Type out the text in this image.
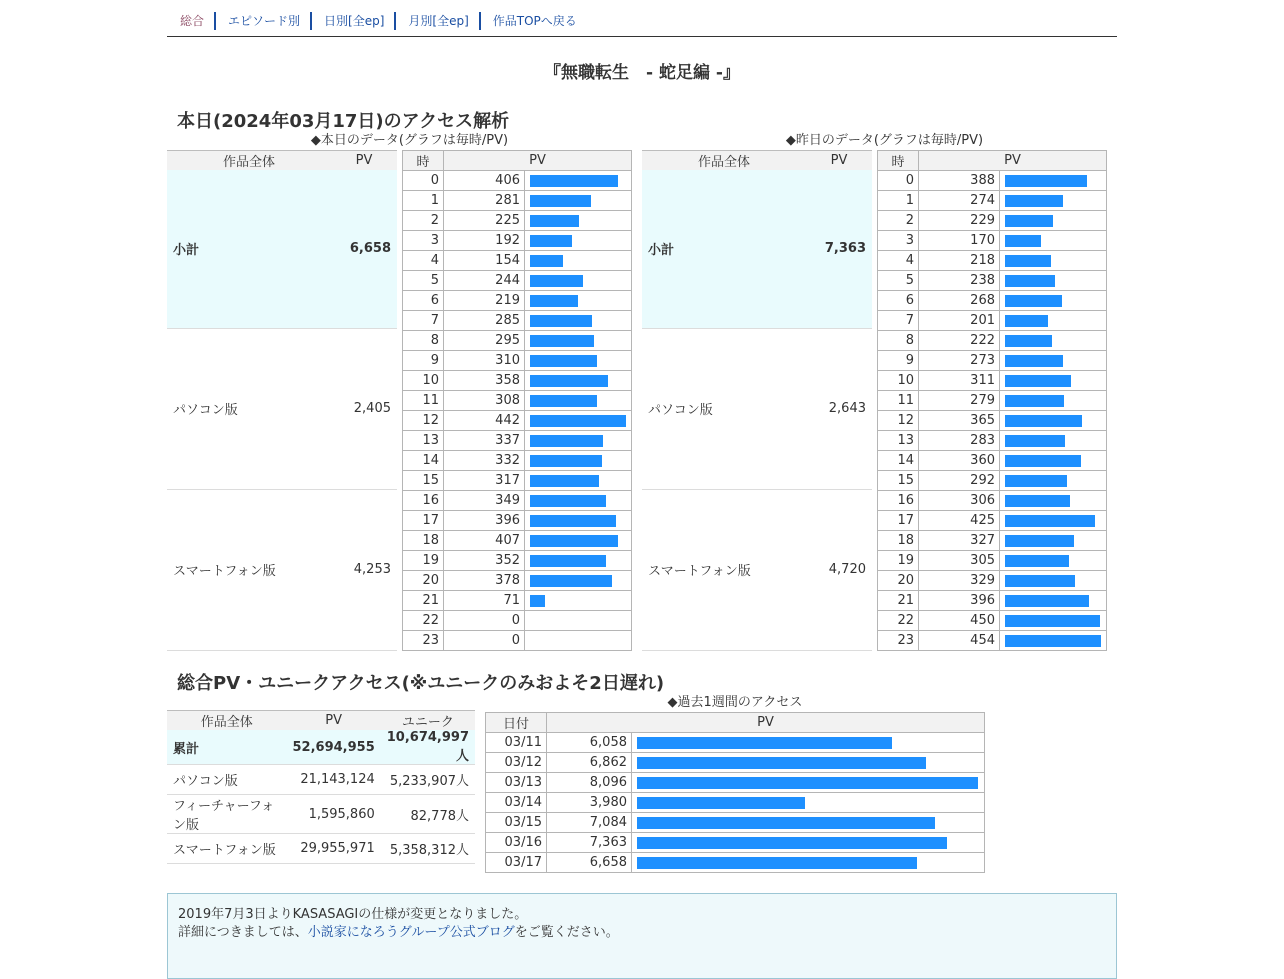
総合	エピソード別	日別[全ep]	月別[全ep]	作品TOPへ戻る
『無職転生　- 蛇足編 -』
本日(2024年03月17日)のアクセス解析
◆本日のデータ(グラフは毎時/PV)
作品全体	PV
小計	6,658
パソコン版	2,405
スマートフォン版	4,253
時	PV	
0	406	

1	281	

2	225	

3	192	

4	154	

5	244	

6	219	

7	285	

8	295	

9	310	

10	358	

11	308	

12	442	

13	337	

14	332	

15	317	

16	349	

17	396	

18	407	

19	352	

20	378	

21	71	

22	0	
23	0	
◆昨日のデータ(グラフは毎時/PV)
作品全体	PV
小計	7,363
パソコン版	2,643
スマートフォン版	4,720
時	PV	
0	388	

1	274	

2	229	

3	170	

4	218	

5	238	

6	268	

7	201	

8	222	

9	273	

10	311	

11	279	

12	365	

13	283	

14	360	

15	292	

16	306	

17	425	

18	327	

19	305	

20	329	

21	396	

22	450	

23	454	
総合PV・ユニークアクセス(※ユニークのみおよそ2日遅れ)
作品全体	PV	ユニーク
累計	52,694,955	10,674,997人
パソコン版	21,143,124	5,233,907人
フィーチャーフォン版	1,595,860	82,778人
スマートフォン版	29,955,971	5,358,312人
◆過去1週間のアクセス
日付	PV	
03/11	6,058	

03/12	6,862	

03/13	8,096	

03/14	3,980	

03/15	7,084	

03/16	7,363	

03/17	6,658	
2019年7月3日よりKASASAGIの仕様が変更となりました。
詳細につきましては、小説家になろうグループ公式ブログをご覧ください。
